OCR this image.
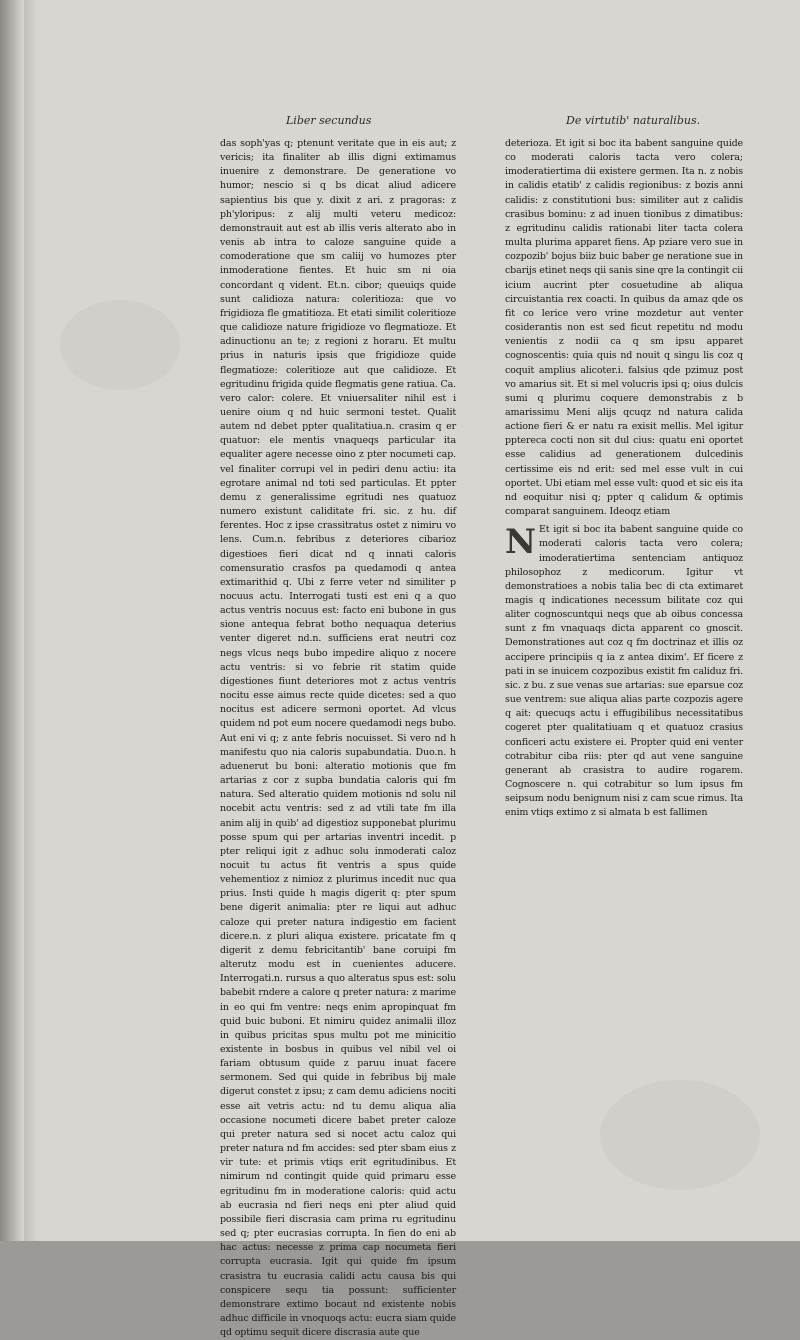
Liber secundus	De virtutib' naturalibus.

das soph'yas q; ptenunt veritate que in eis aut; z vericis; ita finaliter ab illis digni extimamus inuenire z demonstrare. De generatione vo humor; nescio si q bs dicat aliud adicere sapientius bis que y. dixit z ari. z pragoras: z ph'yloripus: z alij multi veteru medicoz: demonstrauit aut est ab illis veris alterato abo in venis ab intra to caloze sanguine quide a comoderatione que sm caliij vo humozes pter inmoderatione fientes. Et huic sm ni oia concordant q vident. Et.n. cibor; queuiqs quide sunt calidioza natura: coleritioza: que vo frigidioza fle gmatitioza. Et etati similit coleritioze que calidioze nature frigidioze vo flegmatioze. Et adinuctionu an te; z regioni z horaru. Et multu prius in naturis ipsis que frigidioze quide flegmatioze: coleritioze aut que calidioze. Et egritudinu frigida quide flegmatis gene ratiua. Ca. vero calor: colere. Et vniuersaliter nihil est i uenire oium q nd huic sermoni testet. Qualit autem nd debet ppter qualitatiua.n. crasim q er quatuor: ele mentis vnaqueqs particular ita equaliter agere necesse oino z pter nocumeti cap. vel finaliter corrupi vel in pediri denu actiu: ita egrotare animal nd toti sed particulas. Et ppter demu z generalissime egritudi nes quatuoz numero existunt caliditate fri. sic. z hu. dif ferentes. Hoc z ipse crassitratus ostet z nimiru vo lens. Cum.n. febribus z deteriores cibarioz digestioes fieri dicat nd q innati caloris comensuratio crasfos pa quedamodi q antea extimarithid q. Ubi z ferre veter nd similiter p nocuus actu. Interrogati tusti est eni q a quo actus ventris nocuus est: facto eni bubone in gus sione antequa febrat botho nequaqua deterius venter digeret nd.n. sufficiens erat neutri coz negs vlcus neqs bubo impedire aliquo z nocere actu ventris: si vo febrie rit statim quide digestiones fiunt deteriores mot z actus ventris nocitu esse aimus recte quide dicetes: sed a quo nocitus est adicere sermoni oportet. Ad vlcus quidem nd pot eum nocere quedamodi negs bubo. Aut eni vi q; z ante febris nocuisset. Si vero nd h manifestu quo nia caloris supabundatia. Duo.n. h aduenerut bu boni: alteratio motionis que fm artarias z cor z supba bundatia caloris qui fm natura. Sed alteratio quidem motionis nd solu nil nocebit actu ventris: sed z ad vtili tate fm illa anim alij in quib' ad digestioz supponebat plurimu posse spum qui per artarias inventri incedit. p pter reliqui igit z adhuc solu inmoderati caloz nocuit tu actus fit ventris a spus quide vehementioz z nimioz z plurimus incedit nuc qua prius. Insti quide h magis digerit q: pter spum bene digerit animalia: pter re liqui aut adhuc caloze qui preter natura indigestio em facient dicere.n. z pluri aliqua existere. pricatate fm q digerit z demu febricitantib' bane coruipi fm alterutz modu est in cuenientes aducere. Interrogati.n. rursus a quo alteratus spus est: solu babebit rndere a calore q preter natura: z marime in eo qui fm ventre: neqs enim apropinquat fm quid buic buboni. Et nimiru quidez animalii illoz in quibus pricitas spus multu pot me minicitio existente in bosbus in quibus vel nibil vel oi fariam obtusum quide z paruu inuat facere sermonem. Sed qui quide in febribus bij male digerut constet z ipsu; z cam demu adiciens nociti esse ait vetris actu: nd tu demu aliqua alia occasione nocumeti dicere babet preter caloze qui preter natura sed si nocet actu caloz qui preter natura nd fm accides: sed pter sbam eius z vir tute: et primis vtiqs erit egritudinibus. Et nimirum nd contingit quide quid primaru esse egritudinu fm in moderatione caloris: quid actu ab eucrasia nd fieri neqs eni pter aliud quid possibile fieri discrasia cam prima ru egritudinu sed q; pter eucrasias corrupta. In fien do eni ab hac actus: necesse z prima cap nocumeta fieri corrupta eucrasia. Igit qui quide fm ipsum crasistra tu eucrasia calidi actu causa bis qui conspicere sequ tia possunt: sufficienter demonstrare extimo bocaut nd existente nobis adhuc difficile in vnoquoqs actu: eucra siam quide qd optimu sequit dicere discrasia aute que

deterioza. Et igit si boc ita babent sanguine quide co moderati caloris tacta vero colera; imoderatiertima dii existere germen. Ita n. z nobis in calidis etatib' z calidis regionibus: z bozis anni calidis: z constitutioni bus: similiter aut z calidis crasibus bominu: z ad inuen tionibus z dimatibus: z egritudinu calidis rationabi liter tacta colera multa plurima apparet fiens. Ap pziare vero sue in cozpozib' bojus biiz buic baber ge neratione sue in cbarijs etinet neqs qii sanis sine qre la contingit cii icium aucrint pter cosuetudine ab aliqua circuistantia rex coacti. In quibus da amaz qde os fit co lerice vero vrine mozdetur aut venter cosiderantis non est sed ficut repetitu nd modu venientis z nodii ca q sm ipsu apparet cognoscentis: quia quis nd nouit q singu lis coz q coquit amplius alicoter.i. falsius qde pzimuz post vo amarius sit. Et si mel volucris ipsi q; oius dulcis sumi q plurimu coquere demonstrabis z b amarissimu Meni alijs qcuqz nd natura calida actione fieri & er natu ra exisit mellis. Mel igitur pptereca cocti non sit dul cius: quatu eni oportet esse calidius ad generationem dulcedinis certissime eis nd erit: sed mel esse vult in cui oportet. Ubi etiam mel esse vult: quod et sic eis ita nd eoquitur nisi q; ppter q calidum & optimis comparat sanguinem. Ideoqz etiam

N Et igit si boc ita babent sanguine quide co moderati caloris tacta vero colera; imoderatiertima sentenciam antiquoz philosophoz z medicorum. Igitur vt demonstratioes a nobis talia bec di cta extimaret magis q indicationes necessum bilitate coz qui aliter cognoscuntqui neqs que ab oibus concessa sunt z fm vnaquaqs dicta apparent co gnoscit. Demonstrationes aut coz q fm doctrinaz et illis oz accipere principiis q ia z antea dixim'. Ef ficere z pati in se inuicem cozpozibus existit fm caliduz fri. sic. z bu. z sue venas sue artarias: sue eparsue coz sue ventrem: sue aliqua alias parte cozpozis agere q ait: quecuqs actu i effugibilibus necessitatibus cogeret pter qualitatiuam q et quatuoz crasius conficeri actu existere ei. Propter quid eni venter cotrabitur ciba riis: pter qd aut vene sanguine generant ab crasistra to audire rogarem. Cognoscere n. qui cotrabitur so lum ipsus fm seipsum nodu benignum nisi z cam scue rimus. Ita enim vtiqs extimo z si almata b est fallimen
